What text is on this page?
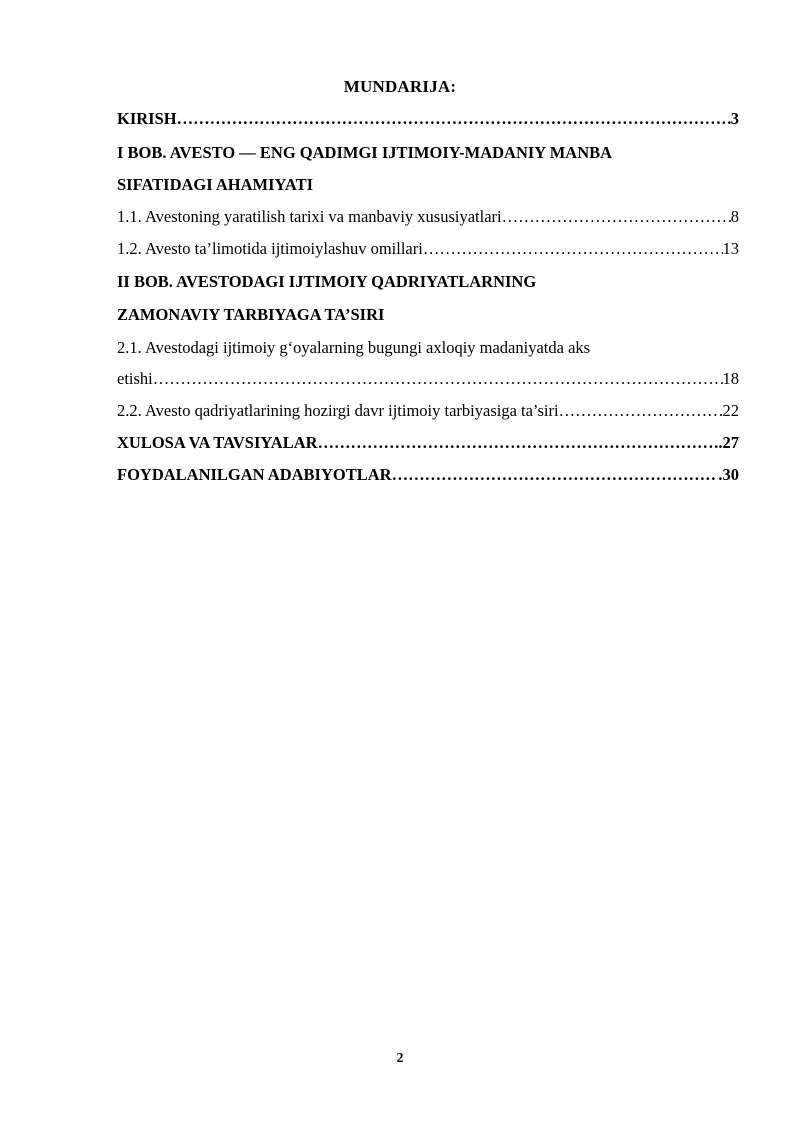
MUNDARIJA:
KIRISH ………………………………………………………………………………………………………………………………………………………………………………………	3
I BOB. AVESTO — ENG QADIMGI IJTIMOIY-MADANIY MANBA
SIFATIDAGI AHAMIYATI
1.1. Avestoning yaratilish tarixi va manbaviy xususiyatlari ………………………………………………………………………………………………………………………………………………………………………………………	8
1.2. Avesto ta’limotida ijtimoiylashuv omillari ………………………………………………………………………………………………………………………………………………………………………………………	13
II BOB. AVESTODAGI IJTIMOIY QADRIYATLARNING
ZAMONAVIY TARBIYAGA TA’SIRI
2.1. Avestodagi ijtimoiy g‘oyalarning bugungi axloqiy madaniyatda aks
etishi ………………………………………………………………………………………………………………………………………………………………………………………	18
2.2. Avesto qadriyatlarining hozirgi davr ijtimoiy tarbiyasiga ta’siri ………………………………………………………………………………………………………………………………………………………………………………………	22
XULOSA VA TAVSIYALAR ………………………………………………………………………………………………………………………………………………………………………………………	.27
FOYDALANILGAN ADABIYOTLAR ………………………………………………………………………………………………………………………………………………………………………………………	.30
2
